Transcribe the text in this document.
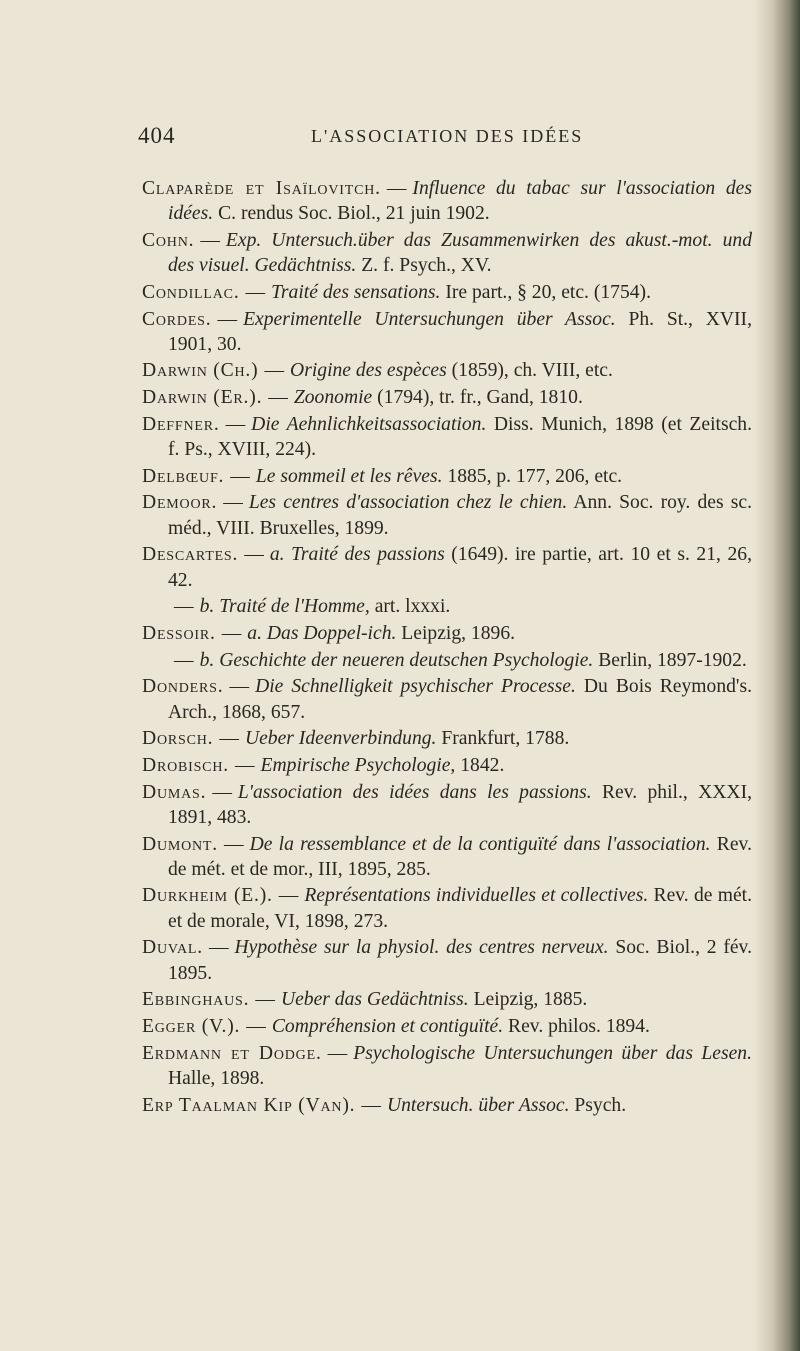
404	L'ASSOCIATION DES IDÉES

Claparède et Isaïlovitch. — Influence du tabac sur l'association des idées. C. rendus Soc. Biol., 21 juin 1902.

Cohn. — Exp. Untersuch.über das Zusammenwirken des akust.-mot. und des visuel. Gedächtniss. Z. f. Psych., XV.

Condillac. — Traité des sensations. Ire part., § 20, etc. (1754).

Cordes. — Experimentelle Untersuchungen über Assoc. Ph. St., XVII, 1901, 30.

Darwin (Ch.) — Origine des espèces (1859), ch. VIII, etc.

Darwin (Er.). — Zoonomie (1794), tr. fr., Gand, 1810.

Deffner. — Die Aehnlichkeitsassociation. Diss. Munich, 1898 (et Zeitsch. f. Ps., XVIII, 224).

Delbœuf. — Le sommeil et les rêves. 1885, p. 177, 206, etc.

Demoor. — Les centres d'association chez le chien. Ann. Soc. roy. des sc. méd., VIII. Bruxelles, 1899.

Descartes. — a. Traité des passions (1649). ire partie, art. 10 et s. 21, 26, 42.

— b. Traité de l'Homme, art. lxxxi.

Dessoir. — a. Das Doppel-ich. Leipzig, 1896.

— b. Geschichte der neueren deutschen Psychologie. Berlin, 1897-1902.

Donders. — Die Schnelligkeit psychischer Processe. Du Bois Reymond's. Arch., 1868, 657.

Dorsch. — Ueber Ideenverbindung. Frankfurt, 1788.

Drobisch. — Empirische Psychologie, 1842.

Dumas. — L'association des idées dans les passions. Rev. phil., XXXI, 1891, 483.

Dumont. — De la ressemblance et de la contiguïté dans l'association. Rev. de mét. et de mor., III, 1895, 285.

Durkheim (E.). — Représentations individuelles et collectives. Rev. de mét. et de morale, VI, 1898, 273.

Duval. — Hypothèse sur la physiol. des centres nerveux. Soc. Biol., 2 fév. 1895.

Ebbinghaus. — Ueber das Gedächtniss. Leipzig, 1885.

Egger (V.). — Compréhension et contiguïté. Rev. philos. 1894.

Erdmann et Dodge. — Psychologische Untersuchungen über das Lesen. Halle, 1898.

Erp Taalman Kip (Van). — Untersuch. über Assoc. Psych.
